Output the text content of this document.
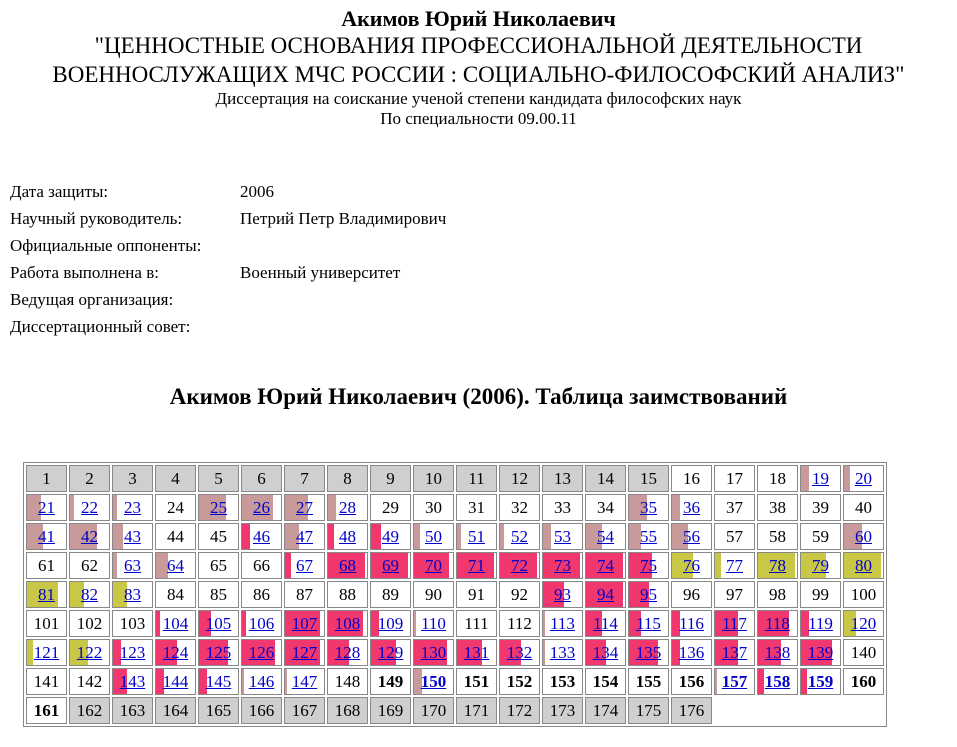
Акимов Юрий Николаевич
"ЦЕННОСТНЫЕ ОСНОВАНИЯ ПРОФЕССИОНАЛЬНОЙ ДЕЯТЕЛЬНОСТИ
ВОЕННОСЛУЖАЩИХ МЧС РОССИИ : СОЦИАЛЬНО-ФИЛОСОФСКИЙ АНАЛИЗ"
Диссертация на соискание ученой степени кандидата философских наук
По специальности 09.00.11
Дата защиты:	2006
Научный руководитель:	Петрий Петр Владимирович
Официальные оппоненты:
Работа выполнена в:	Военный университет
Ведущая организация:
Диссертационный совет:
Акимов Юрий Николаевич (2006). Таблица заимствований
1	2	3	4	5	6	7	8	9	10	11	12	13	14	15	16	17	18	19	20

21	22	23	24	25	26	27	28	29	30	31	32	33	34	35	36	37	38	39	40

41	42	43	44	45	46	47	48	49	50	51	52	53	54	55	56	57	58	59	60
61	62	63	64	65	66	67	68	69	70	71	72	73	74	75	76	77	78	79	80

81	82	83	84	85	86	87	88	89	90	91	92	93	94	95	96	97	98	99	100
101	102	103	104	105	106	107	108	109	110	111	112	113	114	115	116	117	118	119	120

121	122	123	124	125	126	127	128	129	130	131	132	133	134	135	136	137	138	139	140
141	142	143	144	145	146	147	148	149	150	151	152	153	154	155	156	157	158	159	160
161	162	163	164	165	166	167	168	169	170	171	172	173	174	175	176				
